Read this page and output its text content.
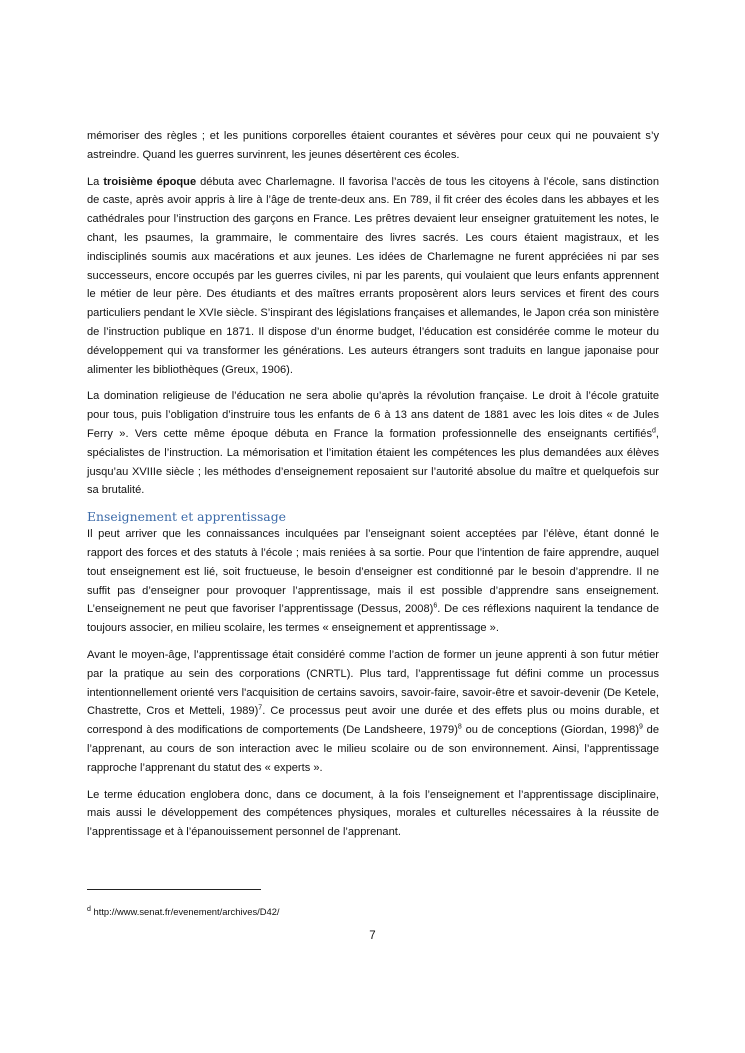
mémoriser des règles ; et les punitions corporelles étaient courantes et sévères pour ceux qui ne pouvaient s’y astreindre. Quand les guerres survinrent, les jeunes désertèrent ces écoles.

La troisième époque débuta avec Charlemagne. Il favorisa l’accès de tous les citoyens à l’école, sans distinction de caste, après avoir appris à lire à l’âge de trente-deux ans. En 789, il fit créer des écoles dans les abbayes et les cathédrales pour l’instruction des garçons en France. Les prêtres devaient leur enseigner gratuitement les notes, le chant, les psaumes, la grammaire, le commentaire des livres sacrés. Les cours étaient magistraux, et les indisciplinés soumis aux macérations et aux jeunes. Les idées de Charlemagne ne furent appréciées ni par ses successeurs, encore occupés par les guerres civiles, ni par les parents, qui voulaient que leurs enfants apprennent le métier de leur père. Des étudiants et des maîtres errants proposèrent alors leurs services et firent des cours particuliers pendant le XVIe siècle. S’inspirant des législations françaises et allemandes, le Japon créa son ministère de l’instruction publique en 1871. Il dispose d’un énorme budget, l’éducation est considérée comme le moteur du développement qui va transformer les générations. Les auteurs étrangers sont traduits en langue japonaise pour alimenter les bibliothèques (Greux, 1906).

La domination religieuse de l’éducation ne sera abolie qu’après la révolution française. Le droit à l’école gratuite pour tous, puis l’obligation d’instruire tous les enfants de 6 à 13 ans datent de 1881 avec les lois dites « de Jules Ferry ». Vers cette même époque débuta en France la formation professionnelle des enseignants certifiés$^d$, spécialistes de l’instruction. La mémorisation et l’imitation étaient les compétences les plus demandées aux élèves jusqu’au XVIIIe siècle ; les méthodes d’enseignement reposaient sur l’autorité absolue du maître et quelquefois sur sa brutalité.

Enseignement et apprentissage

Il peut arriver que les connaissances inculquées par l’enseignant soient acceptées par l’élève, étant donné le rapport des forces et des statuts à l’école ; mais reniées à sa sortie. Pour que l’intention de faire apprendre, auquel tout enseignement est lié, soit fructueuse, le besoin d’enseigner est conditionné par le besoin d’apprendre. Il ne suffit pas d’enseigner pour provoquer l’apprentissage, mais il est possible d’apprendre sans enseignement. L’enseignement ne peut que favoriser l’apprentissage (Dessus, 2008)$^6$. De ces réflexions naquirent la tendance de toujours associer, en milieu scolaire, les termes « enseignement et apprentissage ».

Avant le moyen-âge, l’apprentissage était considéré comme l’action de former un jeune apprenti à son futur métier par la pratique au sein des corporations (CNRTL). Plus tard, l’apprentissage fut défini comme un processus intentionnellement orienté vers l'acquisition de certains savoirs, savoir-faire, savoir-être et savoir-devenir (De Ketele, Chastrette, Cros et Metteli, 1989)$^7$. Ce processus peut avoir une durée et des effets plus ou moins durable, et correspond à des modifications de comportements (De Landsheere, 1979)$^8$ ou de conceptions (Giordan, 1998)$^9$ de l’apprenant, au cours de son interaction avec le milieu scolaire ou de son environnement. Ainsi, l’apprentissage rapproche l’apprenant du statut des « experts ».

Le terme éducation englobera donc, dans ce document, à la fois l’enseignement et l’apprentissage disciplinaire, mais aussi le développement des compétences physiques, morales et culturelles nécessaires à la réussite de l’apprentissage et à l’épanouissement personnel de l’apprenant.

$^d$ http://www.senat.fr/evenement/archives/D42/
7
